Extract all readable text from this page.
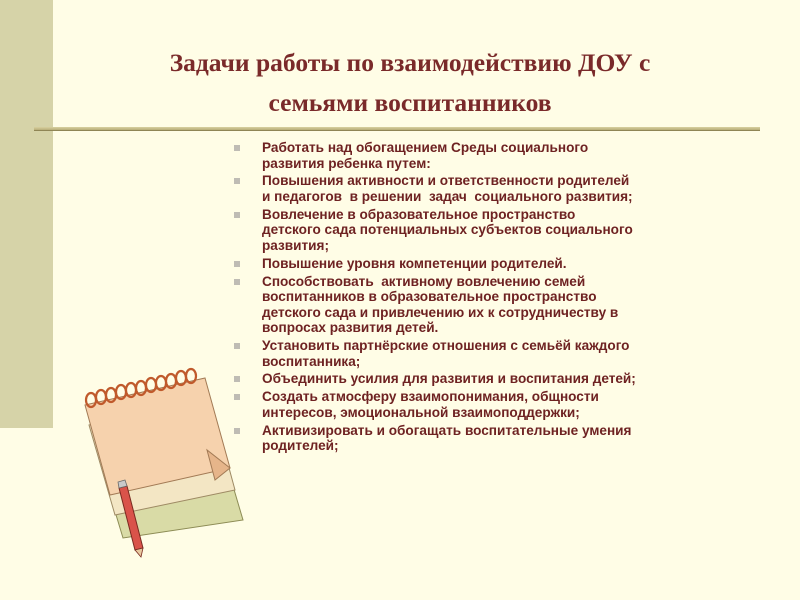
Задачи работы по взаимодействию ДОУ с
семьями воспитанников
Работать над обогащением Среды социального
развития ребенка путем:
Повышения активности и ответственности родителей
и педагогов  в решении  задач  социального развития;
Вовлечение в образовательное пространство
детского сада потенциальных субъектов социального
развития;
Повышение уровня компетенции родителей.
Способствовать  активному вовлечению семей
воспитанников в образовательное пространство
детского сада и привлечению их к сотрудничеству в
вопросах развития детей.
Установить партнёрские отношения с семьёй каждого
воспитанника;
Объединить усилия для развития и воспитания детей;
Создать атмосферу взаимопонимания, общности
интересов, эмоциональной взаимоподдержки;
Активизировать и обогащать воспитательные умения
родителей;
